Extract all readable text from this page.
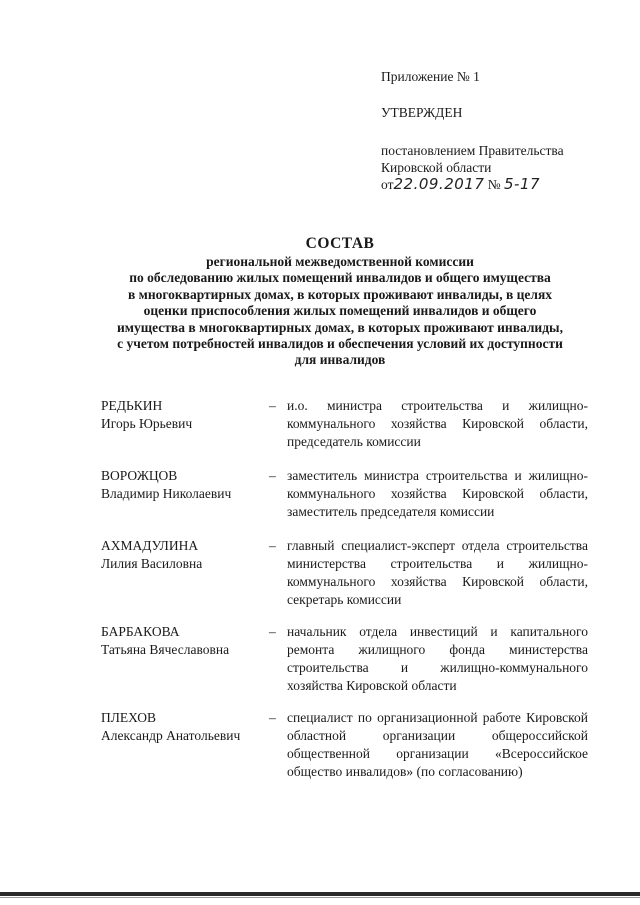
Приложение № 1
УТВЕРЖДЕН
постановлением Правительства
Кировской области
от22.09.2017 № 5-17
СОСТАВ
региональной межведомственной комиссии
по обследованию жилых помещений инвалидов и общего имущества
в многоквартирных домах, в которых проживают инвалиды, в целях
оценки приспособления жилых помещений инвалидов и общего
имущества в многоквартирных домах, в которых проживают инвалиды,
с учетом потребностей инвалидов и обеспечения условий их доступности
для инвалидов
РЕДЬКИН
Игорь Юрьевич
– и.о. министра строительства и жилищно-коммунального хозяйства Кировской области, председатель комиссии
ВОРОЖЦОВ
Владимир Николаевич
– заместитель министра строительства и жилищно-коммунального хозяйства Кировской области, заместитель председателя комиссии
АХМАДУЛИНА
Лилия Василовна
– главный специалист-эксперт отдела строительства министерства строительства и жилищно-коммунального хозяйства Кировской области, секретарь комиссии
БАРБАКОВА
Татьяна Вячеславовна
– начальник отдела инвестиций и капитального ремонта жилищного фонда министерства строительства и жилищно-коммунального хозяйства Кировской области
ПЛЕХОВ
Александр Анатольевич
– специалист по организационной работе Кировской областной организации общероссийской общественной организации «Всероссийское общество инвалидов» (по согласованию)
